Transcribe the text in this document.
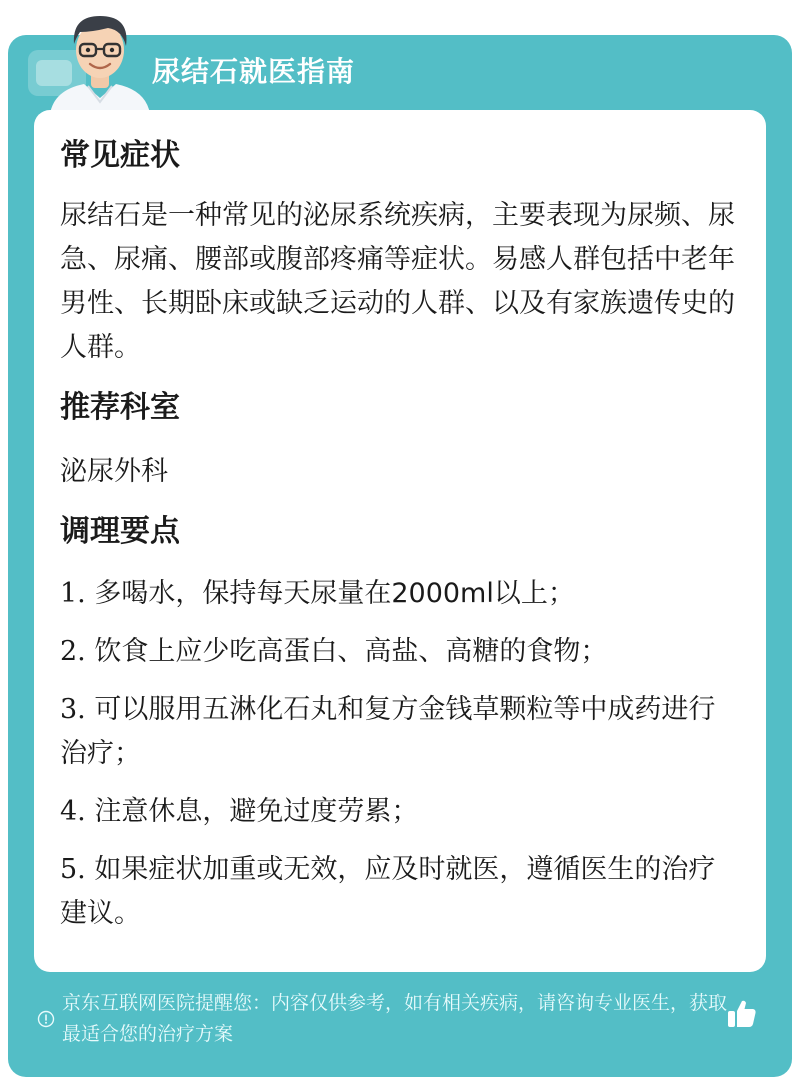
尿结石就医指南
常见症状

尿结石是一种常见的泌尿系统疾病，主要表现为尿频、尿急、尿痛、腰部或腹部疼痛等症状。易感人群包括中老年男性、长期卧床或缺乏运动的人群、以及有家族遗传史的人群。

推荐科室

泌尿外科

调理要点
1. 多喝水，保持每天尿量在2000ml以上；
2. 饮食上应少吃高蛋白、高盐、高糖的食物；
3. 可以服用五淋化石丸和复方金钱草颗粒等中成药进行治疗；
4. 注意休息，避免过度劳累；
5. 如果症状加重或无效，应及时就医，遵循医生的治疗建议。
京东互联网医院提醒您：内容仅供参考，如有相关疾病，请咨询专业医生，获取最适合您的治疗方案
